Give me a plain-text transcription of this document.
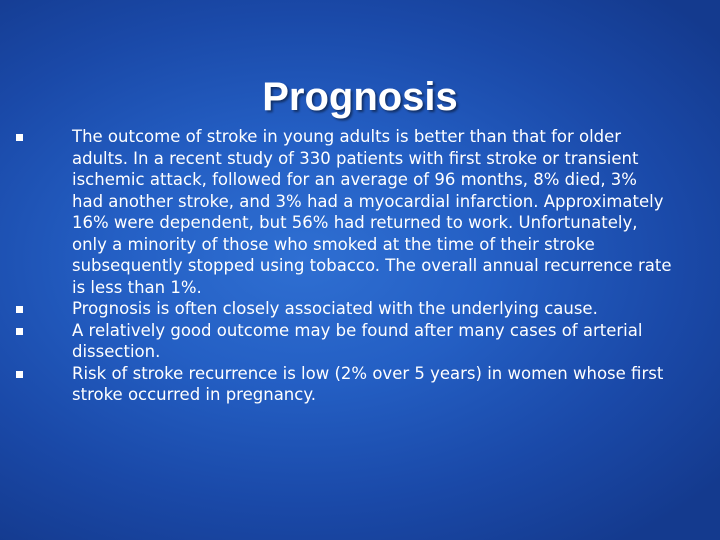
Prognosis
The outcome of stroke in young adults is better than that for older adults. In a recent study of 330 patients with first stroke or transient ischemic attack, followed for an average of 96 months, 8% died, 3% had another stroke, and 3% had a myocardial infarction. Approximately 16% were dependent, but 56% had returned to work. Unfortunately, only a minority of those who smoked at the time of their stroke subsequently stopped using tobacco. The overall annual recurrence rate is less than 1%.
Prognosis is often closely associated with the underlying cause.
A relatively good outcome may be found after many cases of arterial dissection.
Risk of stroke recurrence is low (2% over 5 years) in women whose first stroke occurred in pregnancy.
